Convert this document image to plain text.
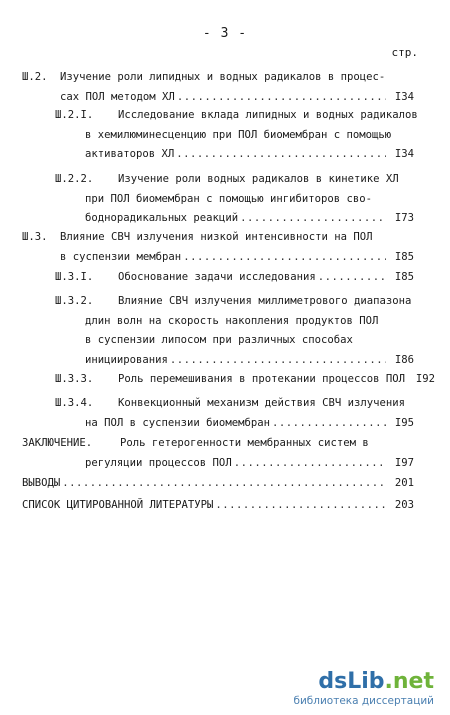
- 3 -
стр.
Ш.2. Изучение роли липидных и водных радикалов в процес-
сах ПОЛ методом ХЛ .....	I34
Ш.2.I. Исследование вклада липидных и водных радикалов
в хемилюминесценцию при ПОЛ биомембран с помощью
активаторов ХЛ .....	I34
Ш.2.2. Изучение роли водных радикалов в кинетике ХЛ
при ПОЛ биомембран с помощью ингибиторов сво-
боднорадикальных реакций .....	I73
Ш.3. Влияние СВЧ излучения низкой интенсивности на ПОЛ
в суспензии мембран .....	I85
Ш.3.I. Обоснование задачи исследования .....	I85
Ш.3.2. Влияние СВЧ излучения миллиметрового диапазона
длин волн на скорость накопления продуктов ПОЛ
в суспензии липосом при различных способах
инициирования .....	I86
Ш.3.3. Роль перемешивания в протекании процессов ПОЛ	I92
Ш.3.4. Конвекционный механизм действия СВЧ излучения
на ПОЛ в суспензии биомембран .....	I95
ЗАКЛЮЧЕНИЕ.	Роль гетерогенности мембранных систем в
регуляции процессов ПОЛ .....	I97
ВЫВОДЫ .....	201
СПИСОК ЦИТИРОВАННОЙ ЛИТЕРАТУРЫ .....	203
dsLib.net
библиотека диссертаций
